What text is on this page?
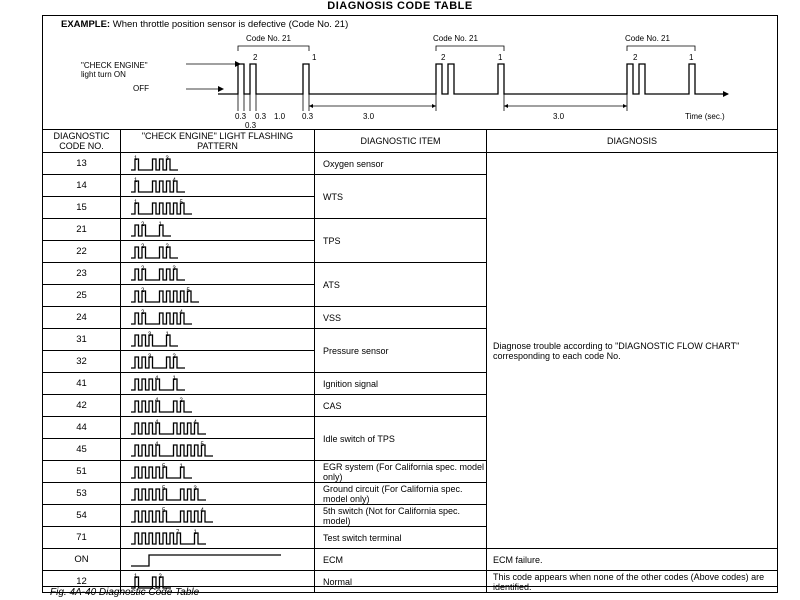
DIAGNOSIS CODE TABLE
EXAMPLE: When throttle position sensor is defective (Code No. 21)
"CHECK ENGINE"
light turn ON
OFF
Code No. 21	Code No. 21	Code No. 21
2	1	2	1	2	1
0.3
0.3
0.3 1.0 0.3	3.0	3.0	Time (sec.)
DIAGNOSTIC CODE NO.	"CHECK ENGINE" LIGHT FLASHING PATTERN	DIAGNOSTIC ITEM	DIAGNOSIS
13	1 3	Oxygen sensor	Diagnose trouble according to "DIAGNOSTIC FLOW CHART" corresponding to each code No.
14	1 4	WTS	
15	1 5		

21	2 1	TPS	
22	2 2		

23	2 3	ATS	
25	2 5		

24	2 4	VSS	
31	3 1	Pressure sensor	
32	3 2		

41	4 1	Ignition signal	
42	4 2	CAS	
44	4 4	Idle switch of TPS	
45	4 5		

51	5 1	EGR system (For California spec. model only)	
53	5 3	Ground circuit (For California spec. model only)	
54	5 4	5th switch (Not for California spec. model)	
71	7 1	Test switch terminal	
ON		ECM	ECM failure.
12	1 2	Normal	This code appears when none of the other codes (Above codes) are identified.
Fig. 4A-40 Diagnostic Code Table
